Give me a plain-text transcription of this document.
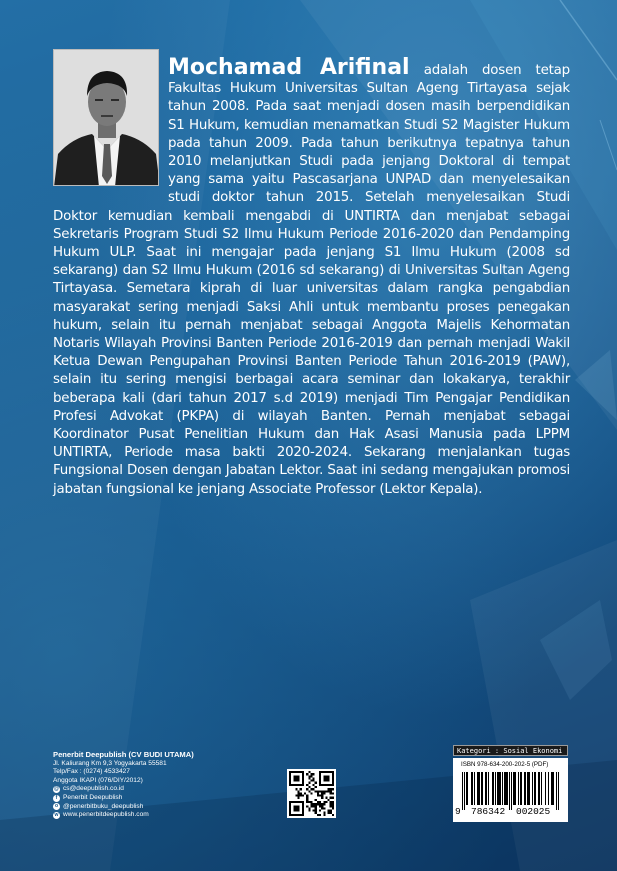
Mochamad Arifinal adalah dosen tetap Fakultas Hukum Universitas Sultan Ageng Tirtayasa sejak tahun 2008. Pada saat menjadi dosen masih berpendidikan S1 Hukum, kemudian menamatkan Studi S2 Magister Hukum pada tahun 2009. Pada tahun berikutnya tepatnya tahun 2010 melanjutkan Studi pada jenjang Doktoral di tempat yang sama yaitu Pascasarjana UNPAD dan menyelesaikan studi doktor tahun 2015. Setelah menyelesaikan Studi Doktor kemudian kembali mengabdi di UNTIRTA dan menjabat sebagai Sekretaris Program Studi S2 Ilmu Hukum Periode 2016-2020 dan Pendamping Hukum ULP. Saat ini mengajar pada jenjang S1 Ilmu Hukum (2008 sd sekarang) dan S2 Ilmu Hukum (2016 sd sekarang) di Universitas Sultan Ageng Tirtayasa. Semetara kiprah di luar universitas dalam rangka pengabdian masyarakat sering menjadi Saksi Ahli untuk membantu proses penegakan hukum, selain itu pernah menjabat sebagai Anggota Majelis Kehormatan Notaris Wilayah Provinsi Banten Periode 2016-2019 dan pernah menjadi Wakil Ketua Dewan Pengupahan Provinsi Banten Periode Tahun 2016-2019 (PAW), selain itu sering mengisi berbagai acara seminar dan lokakarya, terakhir beberapa kali (dari tahun 2017 s.d 2019) menjadi Tim Pengajar Pendidikan Profesi Advokat (PKPA) di wilayah Banten. Pernah menjabat sebagai Koordinator Pusat Penelitian Hukum dan Hak Asasi Manusia pada LPPM UNTIRTA, Periode masa bakti 2020-2024. Sekarang menjalankan tugas Fungsional Dosen dengan Jabatan Lektor. Saat ini sedang mengajukan promosi jabatan fungsional ke jenjang Associate Professor (Lektor Kepala).
Penerbit Deepublish (CV BUDI UTAMA)
Jl. Kaliurang Km 9,3 Yogyakarta 55581
Telp/Fax : (0274) 4533427
Anggota IKAPI (076/DIY/2012)
@ cs@deepublish.co.id
f Penerbit Deepublish
o @penerbitbuku_deepublish
w www.penerbitdeepublish.com
Kategori : Sosial Ekonomi
ISBN 978-634-200-202-5 (PDF)
9 786342 002025
